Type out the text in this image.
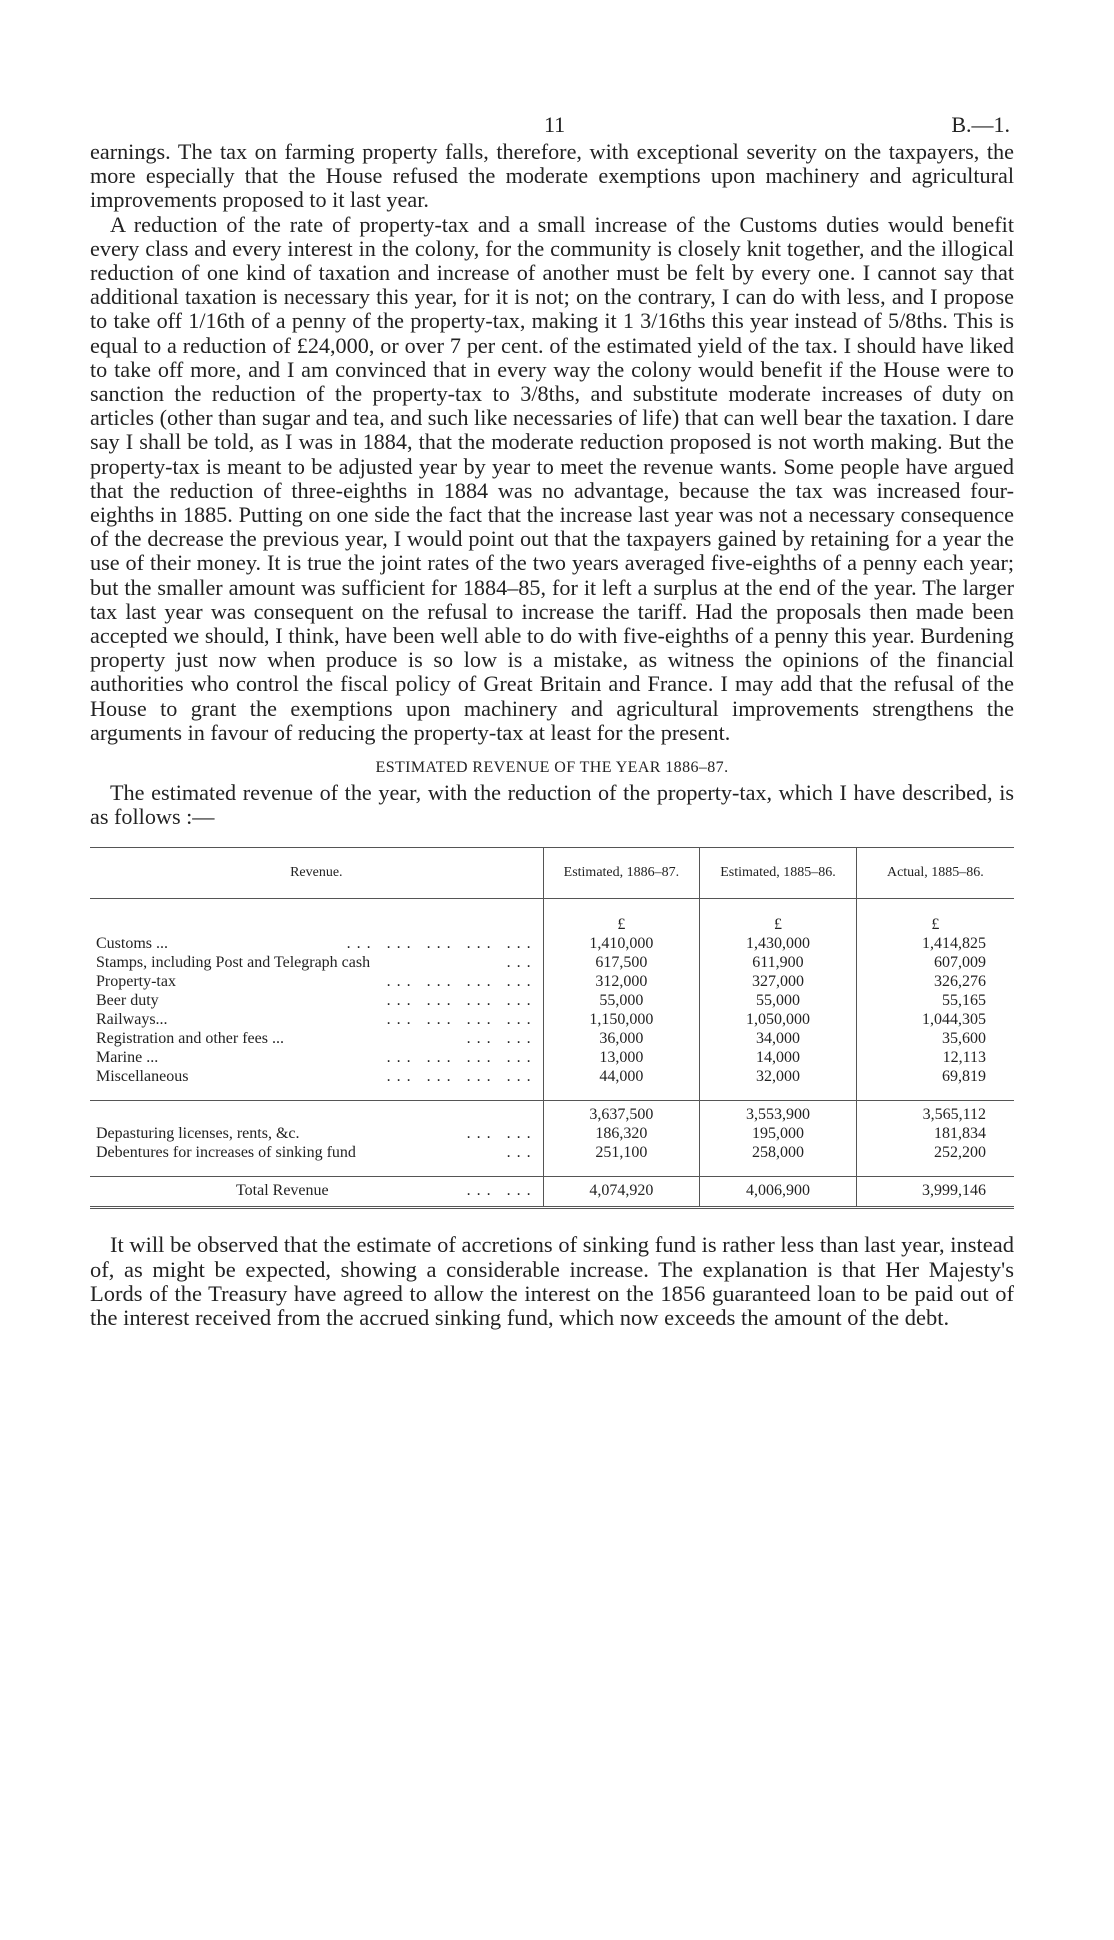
11	B.—1.

earnings. The tax on farming property falls, therefore, with exceptional severity on the taxpayers, the more especially that the House refused the moderate exemptions upon machinery and agricultural improvements proposed to it last year.

A reduction of the rate of property-tax and a small increase of the Customs duties would benefit every class and every interest in the colony, for the community is closely knit together, and the illogical reduction of one kind of taxation and increase of another must be felt by every one. I cannot say that additional taxation is necessary this year, for it is not; on the contrary, I can do with less, and I propose to take off 1/16th of a penny of the property-tax, making it 1 3/16ths this year instead of 5/8ths. This is equal to a reduction of £24,000, or over 7 per cent. of the estimated yield of the tax. I should have liked to take off more, and I am convinced that in every way the colony would benefit if the House were to sanction the reduction of the property-tax to 3/8ths, and substitute moderate increases of duty on articles (other than sugar and tea, and such like necessaries of life) that can well bear the taxation. I dare say I shall be told, as I was in 1884, that the moderate reduction proposed is not worth making. But the property-tax is meant to be adjusted year by year to meet the revenue wants. Some people have argued that the reduction of three-eighths in 1884 was no advantage, because the tax was increased four-eighths in 1885. Putting on one side the fact that the increase last year was not a necessary consequence of the decrease the previous year, I would point out that the taxpayers gained by retaining for a year the use of their money. It is true the joint rates of the two years averaged five-eighths of a penny each year; but the smaller amount was sufficient for 1884–85, for it left a surplus at the end of the year. The larger tax last year was consequent on the refusal to increase the tariff. Had the proposals then made been accepted we should, I think, have been well able to do with five-eighths of a penny this year. Burdening property just now when produce is so low is a mistake, as witness the opinions of the financial authorities who control the fiscal policy of Great Britain and France. I may add that the refusal of the House to grant the exemptions upon machinery and agricultural improvements strengthens the arguments in favour of reducing the property-tax at least for the present.

ESTIMATED REVENUE OF THE YEAR 1886–87.

The estimated revenue of the year, with the reduction of the property-tax, which I have described, is as follows :—

Revenue.	Estimated, 1886–87.	Estimated, 1885–86.	Actual, 1885–86.

	£	£	£

Customs ... ... ... ... ... ...	1,410,000	1,430,000	1,414,825

Stamps, including Post and Telegraph cash ...	617,500	611,900	607,009

Property-tax ... ... ... ...	312,000	327,000	326,276

Beer duty ... ... ... ...	55,000	55,000	55,165

Railways... ... ... ... ...	1,150,000	1,050,000	1,044,305

Registration and other fees ... ... ...	36,000	34,000	35,600

Marine ... ... ... ... ...	13,000	14,000	12,113

Miscellaneous ... ... ... ...	44,000	32,000	69,819
	3,637,500	3,553,900	3,565,112

Depasturing licenses, rents, &c. ... ...	186,320	195,000	181,834

Debentures for increases of sinking fund ...	251,100	258,000	252,200

Total Revenue ... ...	4,074,920	4,006,900	3,999,146

It will be observed that the estimate of accretions of sinking fund is rather less than last year, instead of, as might be expected, showing a considerable increase. The explanation is that Her Majesty's Lords of the Treasury have agreed to allow the interest on the 1856 guaranteed loan to be paid out of the interest received from the accrued sinking fund, which now exceeds the amount of the debt.
